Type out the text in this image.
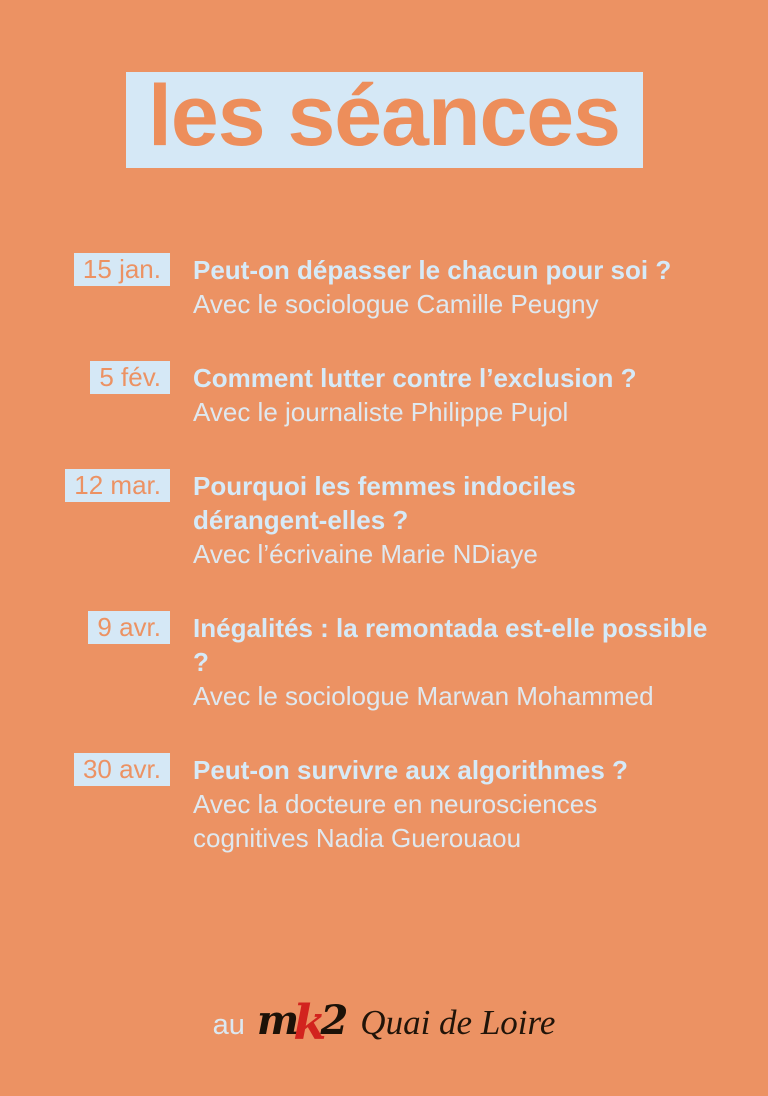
les séances
15 jan.	Peut-on dépasser le chacun pour soi ?
Avec le sociologue Camille Peugny
5 fév.	Comment lutter contre l’exclusion ?
Avec le journaliste Philippe Pujol
12 mar.	Pourquoi les femmes indociles dérangent-elles ?
Avec l’écrivaine Marie NDiaye
9 avr.	Inégalités : la remontada est-elle possible ?
Avec le sociologue Marwan Mohammed
30 avr.	Peut-on survivre aux algorithmes ?
Avec la docteure en neurosciences cognitives Nadia Guerouaou
au m
k
2 Quai de Loire
